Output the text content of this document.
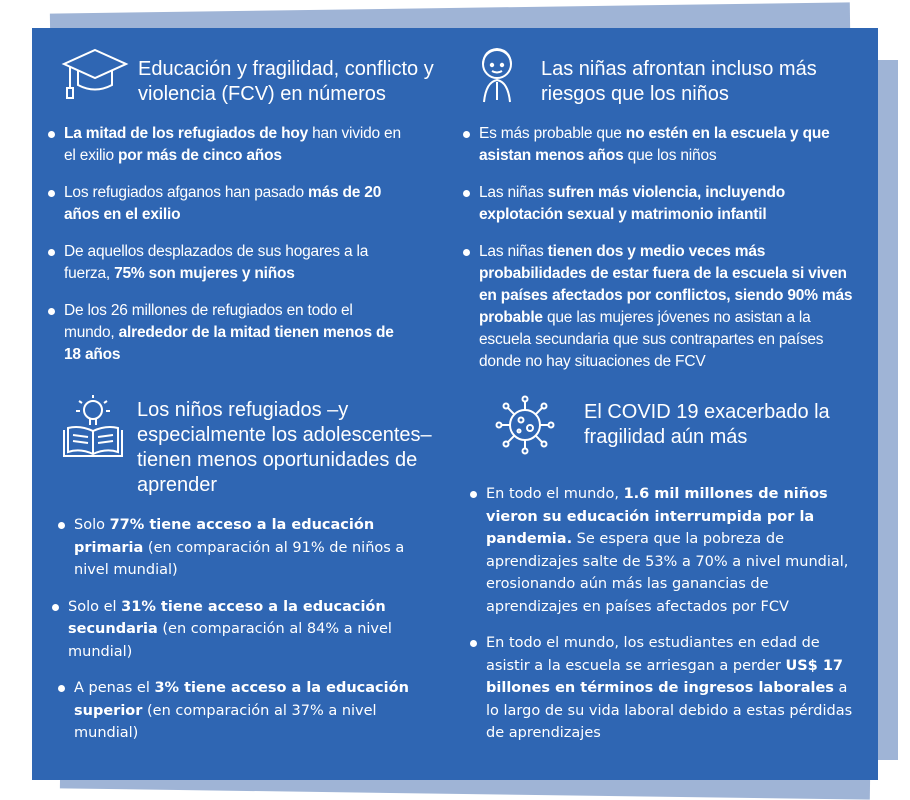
Educación y fragilidad, conflicto y
violencia (FCV) en números
La mitad de los refugiados de hoy han vivido en el exilio por más de cinco años
Los refugiados afganos han pasado más de 20 años en el exilio
De aquellos desplazados de sus hogares a la fuerza, 75% son mujeres y niños
De los 26 millones de refugiados en todo el mundo, alrededor de la mitad tienen menos de 18 años
Las niñas afrontan incluso más
riesgos que los niños
Es más probable que no estén en la escuela y que asistan menos años que los niños
Las niñas sufren más violencia, incluyendo explotación sexual y matrimonio infantil
Las niñas tienen dos y medio veces más probabilidades de estar fuera de la escuela si viven en países afectados por conflictos, siendo 90% más probable que las mujeres jóvenes no asistan a la escuela secundaria que sus contrapartes en países donde no hay situaciones de FCV
Los niños refugiados –y
especialmente los adolescentes–
tienen menos oportunidades de
aprender
Solo 77% tiene acceso a la educación primaria (en comparación al 91% de niños a nivel mundial)
Solo el 31% tiene acceso a la educación secundaria (en comparación al 84% a nivel mundial)
A penas el 3% tiene acceso a la educación superior (en comparación al 37% a nivel mundial)
El COVID 19 exacerbado la
fragilidad aún más
En todo el mundo, 1.6 mil millones de niños vieron su educación interrumpida por la pandemia. Se espera que la pobreza de aprendizajes salte de 53% a 70% a nivel mundial, erosionando aún más las ganancias de aprendizajes en países afectados por FCV
En todo el mundo, los estudiantes en edad de asistir a la escuela se arriesgan a perder US$ 17 billones en términos de ingresos laborales a lo largo de su vida laboral debido a estas pérdidas de aprendizajes
